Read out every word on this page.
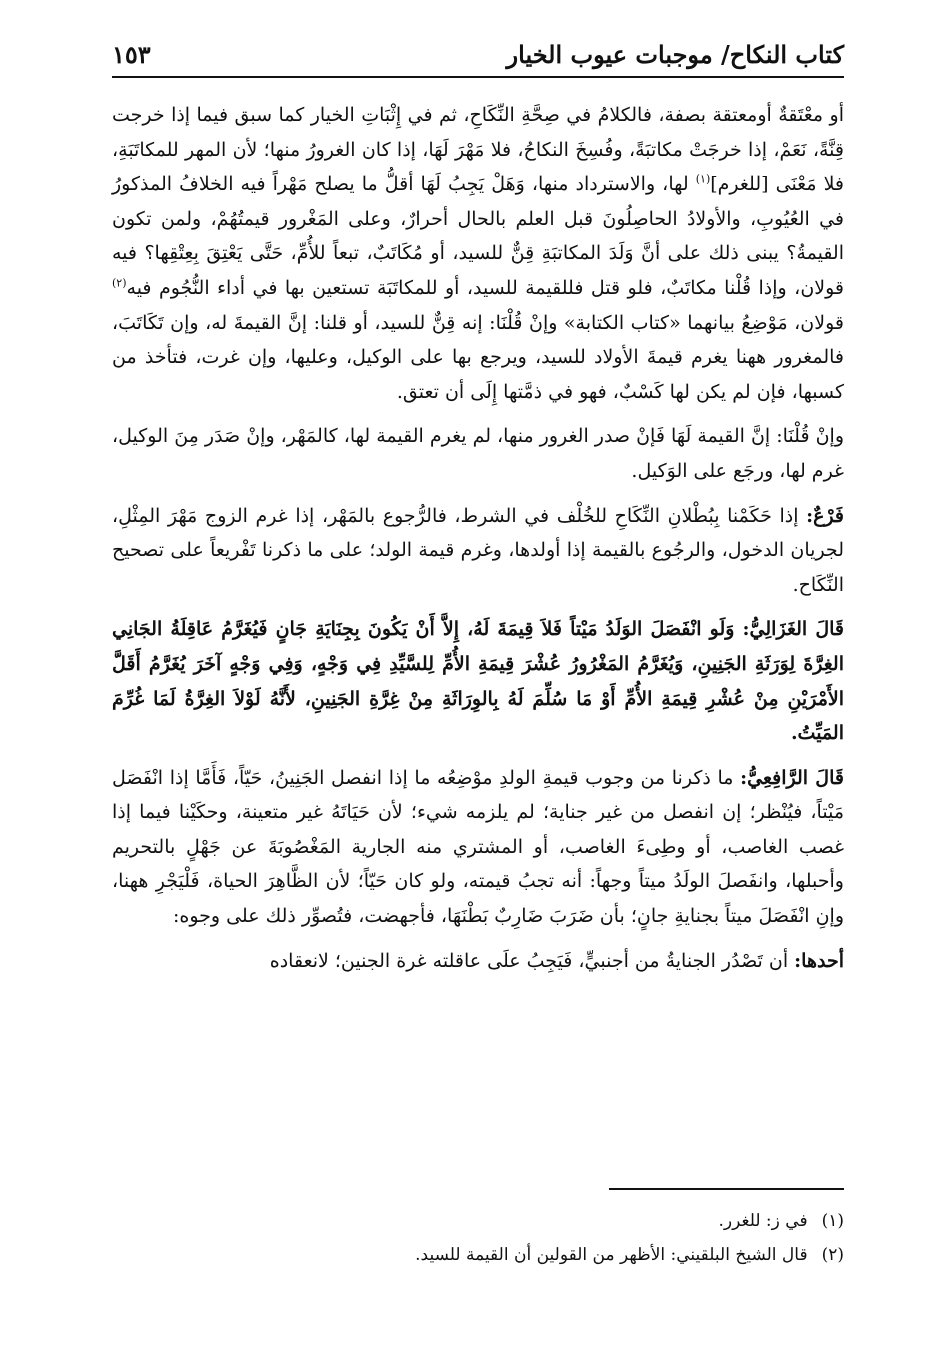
كتاب النكاح/ موجبات عيوب الخيار
١٥٣

أو معْتَقةٌ أومعتقة بصفة، فالكلامُ في صِحَّةِ النِّكَاحِ، ثم في إِثْبَاتِ الخيار كما سبق فيما إذا خرجت قِنَّةً، نَعَمْ، إذا خرجَتْ مكاتبَةً، وفُسِخَ النكاحُ، فلا مَهْرَ لَهَا، إذا كان الغرورُ منها؛ لأن المهر للمكاتَبَةِ، فلا مَعْنَى [للغرم]$^{(١)}$ لها، والاسترداد منها، وَهَلْ يَجِبُ لَهَا أقلُّ ما يصلح مَهْراً فيه الخلافُ المذكورُ في العُيُوبِ، والأولادُ الحاصِلُونَ قبل العلم بالحال أحرارٌ، وعلى المَغْرور قيمتُهُمْ، ولمن تكون القيمةُ؟ يبنى ذلك على أنَّ وَلَدَ المكاتبَةِ قِنٌّ للسيد، أو مُكَاتَبٌ، تبعاً للأُمِّ، حَتَّى يَعْتِقَ بِعِتْقِها؟ فيه قولان، وإذا قُلْنا مكاتَبٌ، فلو قتل فللقيمة للسيد، أو للمكاتَبَة تستعين بها في أداء النُّجُوم فيه$^{(٢)}$ قولان، مَوْضِعُ بيانهما «كتاب الكتابة» وإنْ قُلْنَا: إنه قِنٌّ للسيد، أو قلنا: إنَّ القيمةَ له، وإن تَكَاتَبَ، فالمغرور ههنا يغرم قيمةَ الأولاد للسيد، ويرجع بها على الوكيل، وعليها، وإن غرت، فتأخذ من كسبها، فإن لم يكن لها كَسْبٌ، فهو في ذمَّتها إِلَى أن تعتق.

وإنْ قُلْنَا: إنَّ القيمة لَهَا فَإنْ صدر الغرور منها، لم يغرم القيمة لها، كالمَهْر، وإنْ صَدَر مِنَ الوكيل، غرم لها، ورجَع على الوَكيل.

فَرْعٌ: إذا حَكَمْنا بِبُطْلانِ النِّكَاحِ للخُلْف في الشرط، فالرُّجوع بالمَهْر، إذا غرم الزوج مَهْرَ المِثْلِ، لجريان الدخول، والرجُوع بالقيمة إذا أولدها، وغرم قيمة الولد؛ على ما ذكرنا تَفْريعاً على تصحيح النِّكَاح.

قَالَ الغَزَالِيُّ: وَلَو انْفَصَلَ الوَلَدُ مَيْتاً فَلاَ قِيمَةَ لَهُ، إِلاَّ أَنْ يَكُونَ بِجِنَايَةِ جَانٍ فَيُغَرَّمُ عَاقِلَةُ الجَانِي الغِرَّةَ لِوَرَثَةِ الجَنِينِ، وَيُغَرَّمُ المَغْرُورُ عُشْرَ قِيمَةِ الأُمِّ لِلسَّيِّدِ فِي وَجْهٍ، وَفِي وَجْهٍ آخَرَ يُغَرَّمُ أَقَلَّ الأَمْرَيْنِ مِنْ عُشْرِ قِيمَةِ الأُمِّ أَوْ مَا سُلِّمَ لَهُ بِالوِرَاثَةِ مِنْ غِرَّةِ الجَنِينِ، لأَنَّهُ لَوْلاَ الغِرَّةُ لَمَا غُرِّمَ المَيِّتُ.

قَالَ الرَّافِعِيُّ: ما ذكرنا من وجوب قيمةِ الولدِ موْضِعُه ما إذا انفصل الجَنِينُ، حَيّاً، فَأَمَّا إذا انْفَصَل مَيْتاً، فيُنْظر؛ إن انفصل من غير جناية؛ لم يلزمه شيء؛ لأن حَيَاتَهُ غير متعينة، وحكَيْنا فيما إذا غصب الغاصب، أو وطِىءَ الغاصب، أو المشتري منه الجارية المَغْصُوبَةَ عن جَهْلٍ بالتحريم وأحبلها، وانفَصلَ الولَدُ ميتاً وجهاً: أنه تجبُ قيمته، ولو كان حَيّاً؛ لأن الظَّاهِرَ الحياة، فَلْيَجْرِ ههنا، وإنِ انْفَصَلَ ميتاً بجنايةِ جانٍ؛ بأن ضَرَبَ ضَارِبٌ بَطْنَهَا، فأجهضت، فتُصوِّر ذلك على وجوه:

أحدها: أن تَصْدُر الجنايةُ من أجنبيٍّ، فَيَجِبُ علَى عاقلته غرة الجنين؛ لانعقاده

(١)في ز: للغرر.
(٢)قال الشيخ البلقيني: الأظهر من القولين أن القيمة للسيد.
